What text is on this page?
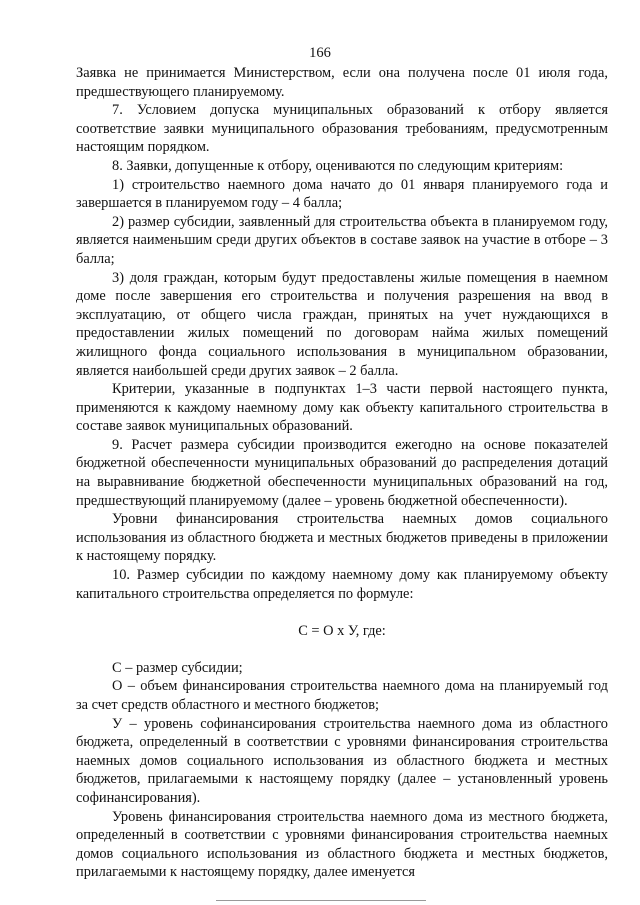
166

Заявка не принимается Министерством, если она получена после 01 июля года, предшествующего планируемому.

7. Условием допуска муниципальных образований к отбору является соответствие заявки муниципального образования требованиям, предусмотренным настоящим порядком.

8. Заявки, допущенные к отбору, оцениваются по следующим критериям:

1) строительство наемного дома начато до 01 января планируемого года и завершается в планируемом году – 4 балла;

2) размер субсидии, заявленный для строительства объекта в планируемом году, является наименьшим среди других объектов в составе заявок на участие в отборе – 3 балла;

3) доля граждан, которым будут предоставлены жилые помещения в наемном доме после завершения его строительства и получения разрешения на ввод в эксплуатацию, от общего числа граждан, принятых на учет нуждающихся в предоставлении жилых помещений по договорам найма жилых помещений жилищного фонда социального использования в муниципальном образовании, является наибольшей среди других заявок – 2 балла.

Критерии, указанные в подпунктах 1–3 части первой настоящего пункта, применяются к каждому наемному дому как объекту капитального строительства в составе заявок муниципальных образований.

9. Расчет размера субсидии производится ежегодно на основе показателей бюджетной обеспеченности муниципальных образований до распределения дотаций на выравнивание бюджетной обеспеченности муниципальных образований на год, предшествующий планируемому (далее – уровень бюджетной обеспеченности).

Уровни финансирования строительства наемных домов социального использования из областного бюджета и местных бюджетов приведены в приложении к настоящему порядку.

10. Размер субсидии по каждому наемному дому как планируемому объекту капитального строительства определяется по формуле:

С = О х У, где:

С – размер субсидии;

О – объем финансирования строительства наемного дома на планируемый год за счет средств областного и местного бюджетов;

У – уровень софинансирования строительства наемного дома из областного бюджета, определенный в соответствии с уровнями финансирования строительства наемных домов социального использования из областного бюджета и местных бюджетов, прилагаемыми к настоящему порядку (далее – установленный уровень софинансирования).

Уровень финансирования строительства наемного дома из местного бюджета, определенный в соответствии с уровнями финансирования строительства наемных домов социального использования из областного бюджета и местных бюджетов, прилагаемыми к настоящему порядку, далее именуется
